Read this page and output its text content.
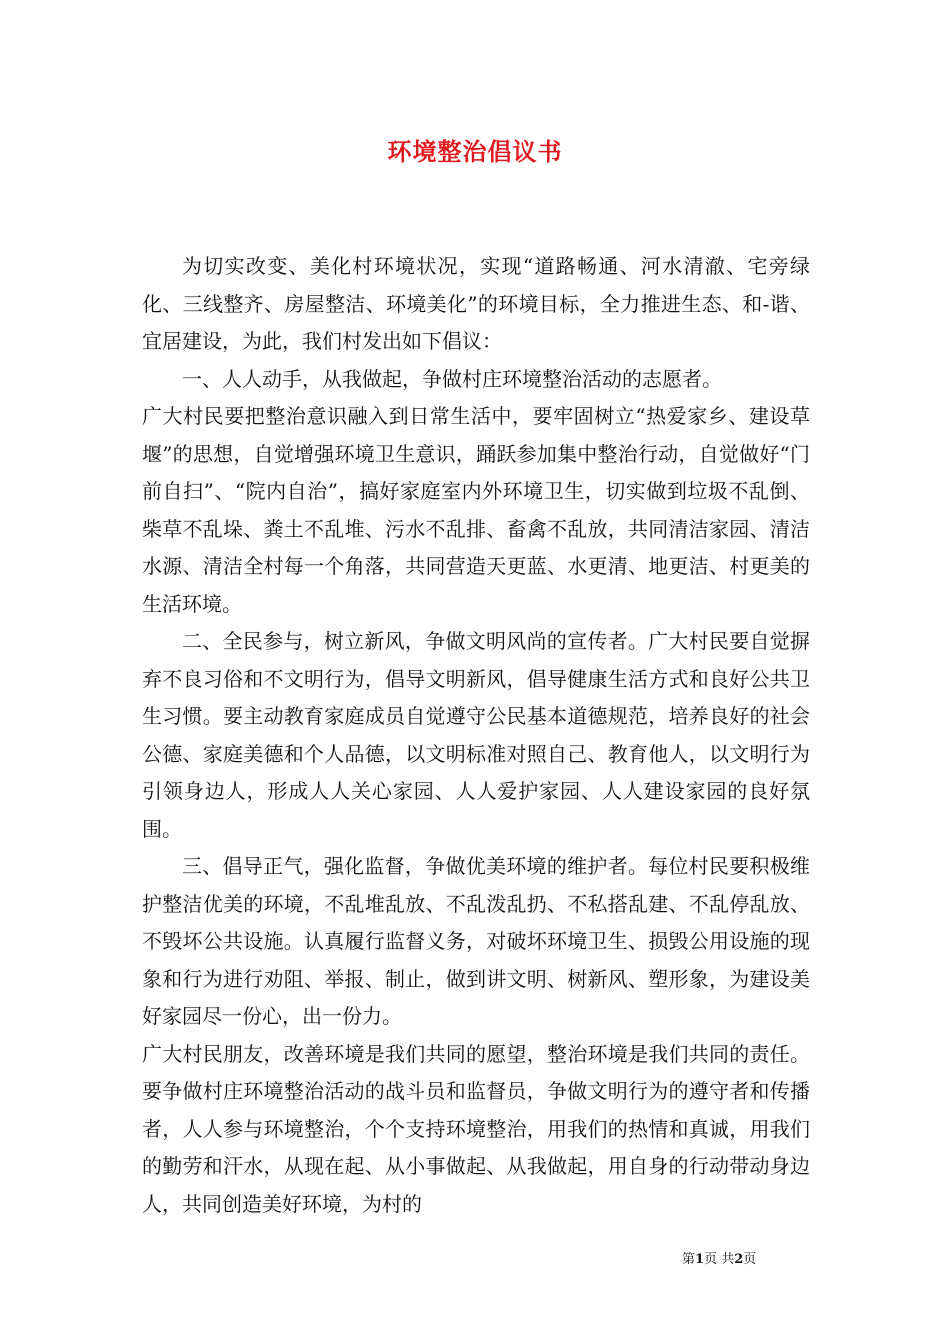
环境整治倡议书

为切实改变、美化村环境状况，实现“道路畅通、河水清澈、宅旁绿化、三线整齐、房屋整洁、环境美化”的环境目标，全力推进生态、和-谐、宜居建设，为此，我们村发出如下倡议：

一、人人动手，从我做起，争做村庄环境整治活动的志愿者。

广大村民要把整治意识融入到日常生活中，要牢固树立“热爱家乡、建设草堰”的思想，自觉增强环境卫生意识，踊跃参加集中整治行动，自觉做好“门前自扫”、“院内自治”，搞好家庭室内外环境卫生，切实做到垃圾不乱倒、柴草不乱垛、粪土不乱堆、污水不乱排、畜禽不乱放，共同清洁家园、清洁水源、清洁全村每一个角落，共同营造天更蓝、水更清、地更洁、村更美的生活环境。

二、全民参与，树立新风，争做文明风尚的宣传者。广大村民要自觉摒弃不良习俗和不文明行为，倡导文明新风，倡导健康生活方式和良好公共卫生习惯。要主动教育家庭成员自觉遵守公民基本道德规范，培养良好的社会公德、家庭美德和个人品德，以文明标准对照自己、教育他人，以文明行为引领身边人，形成人人关心家园、人人爱护家园、人人建设家园的良好氛围。

三、倡导正气，强化监督，争做优美环境的维护者。每位村民要积极维护整洁优美的环境，不乱堆乱放、不乱泼乱扔、不私搭乱建、不乱停乱放、不毁坏公共设施。认真履行监督义务，对破坏环境卫生、损毁公用设施的现象和行为进行劝阻、举报、制止，做到讲文明、树新风、塑形象，为建设美好家园尽一份心，出一份力。

广大村民朋友，改善环境是我们共同的愿望，整治环境是我们共同的责任。要争做村庄环境整治活动的战斗员和监督员，争做文明行为的遵守者和传播者，人人参与环境整治，个个支持环境整治，用我们的热情和真诚，用我们的勤劳和汗水，从现在起、从小事做起、从我做起，用自身的行动带动身边人，共同创造美好环境，为村的

第1页 共2页
